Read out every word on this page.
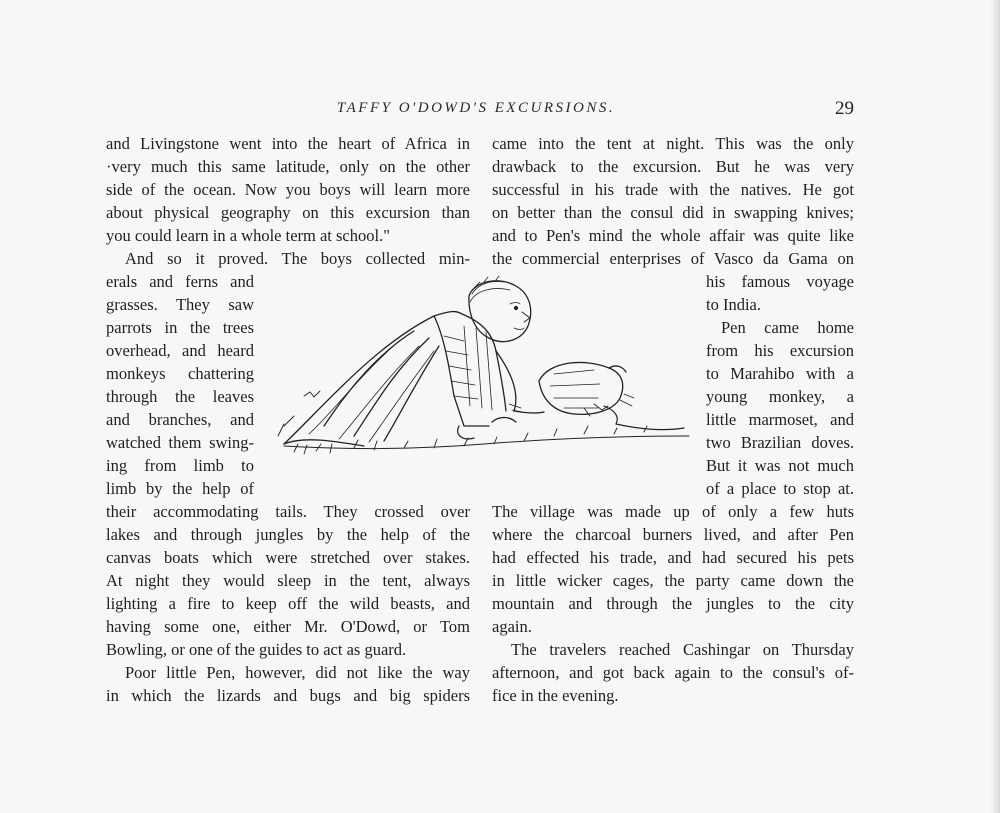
TAFFY O'DOWD'S EXCURSIONS.	29
and Livingstone went into the heart of Africa in
·very much this same latitude, only on the other
side of the ocean. Now you boys will learn more
about physical geography on this excursion than
you could learn in a whole term at school."
And so it proved. The boys collected min-
erals and ferns and
grasses. They saw
parrots in the trees
overhead, and heard
monkeys chattering
through the leaves
and branches, and
watched them swing-
ing from limb to
limb by the help of
their accommodating tails. They crossed over
lakes and through jungles by the help of the
canvas boats which were stretched over stakes.
At night they would sleep in the tent, always
lighting a fire to keep off the wild beasts, and
having some one, either Mr. O'Dowd, or Tom
Bowling, or one of the guides to act as guard.
Poor little Pen, however, did not like the way
in which the lizards and bugs and big spiders
came into the tent at night. This was the only
drawback to the excursion. But he was very
successful in his trade with the natives. He got
on better than the consul did in swapping knives;
and to Pen's mind the whole affair was quite like
the commercial enterprises of Vasco da Gama on
his famous voyage
to India.
Pen came home
from his excursion
to Marahibo with a
young monkey, a
little marmoset, and
two Brazilian doves.
But it was not much
of a place to stop at.
The village was made up of only a few huts
where the charcoal burners lived, and after Pen
had effected his trade, and had secured his pets
in little wicker cages, the party came down the
mountain and through the jungles to the city
again.
The travelers reached Cashingar on Thursday
afternoon, and got back again to the consul's of-
fice in the evening.
